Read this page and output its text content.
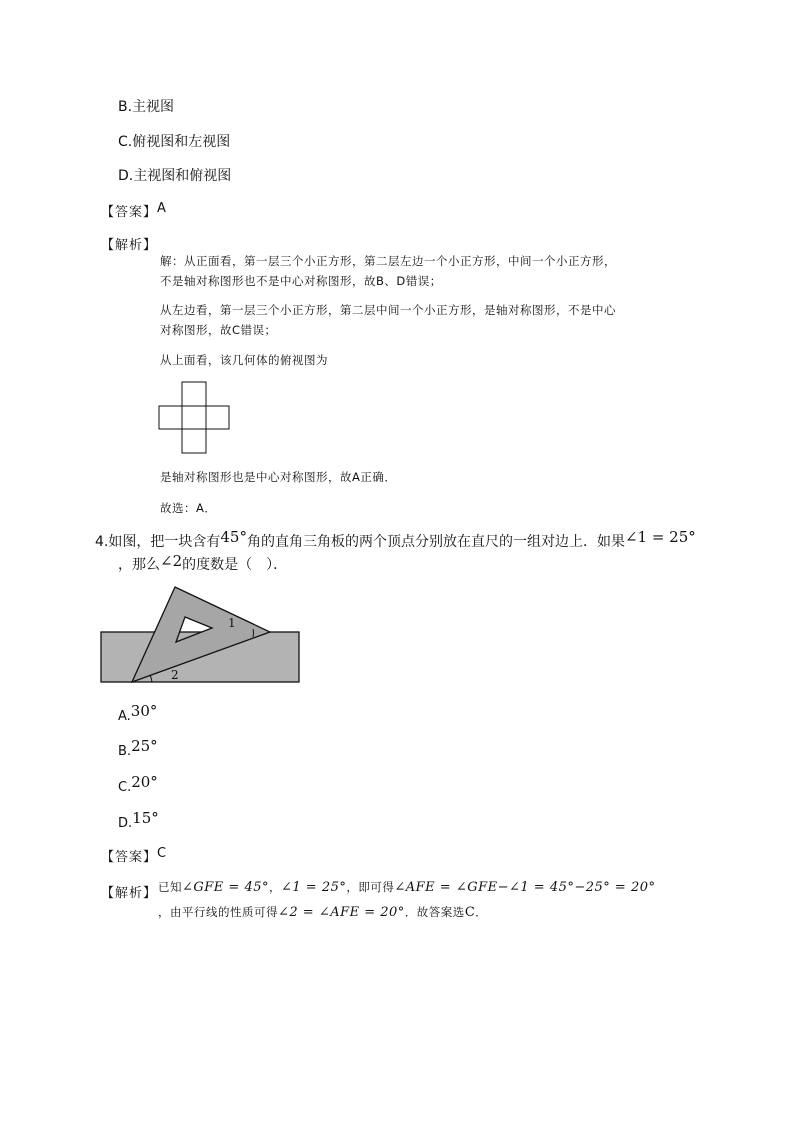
B.主视图
C.俯视图和左视图
D.主视图和俯视图
【答案】 A
【解析】
解：从正面看，第一层三个小正方形，第二层左边一个小正方形，中间一个小正方形，
不是轴对称图形也不是中心对称图形，故B、D错误；
从左边看，第一层三个小正方形，第二层中间一个小正方形，是轴对称图形，不是中心
对称图形，故C错误；
从上面看，该几何体的俯视图为
是轴对称图形也是中心对称图形，故A正确．
故选：A．
4.如图，把一块含有45°角的直角三角板的两个顶点分别放在直尺的一组对边上．如果∠1 = 25°
，那么∠2的度数是（　）．
1
2
A.30°
B.25°
C.20°
D.15°
【答案】 C
【解析】 已知∠GFE = 45°，∠1 = 25°，即可得∠AFE = ∠GFE−∠1 = 45°−25° = 20°
，由平行线的性质可得∠2 = ∠AFE = 20°．故答案选C．
